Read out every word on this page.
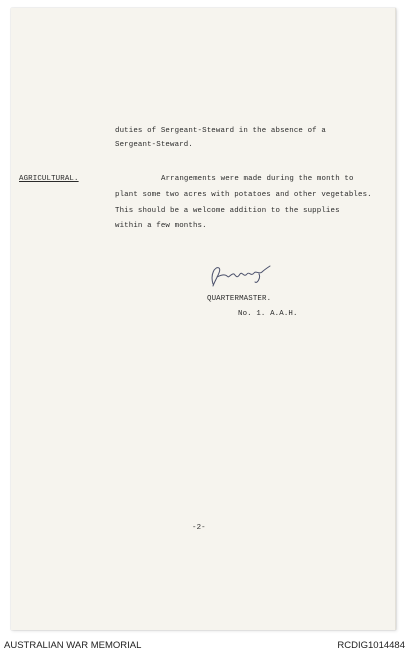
duties of Sergeant-Steward in the absence of a
Sergeant-Steward.
AGRICULTURAL.	Arrangements were made during the month to
plant some two acres with potatoes and other vegetables.
This should be a welcome addition to the supplies
within a few months.
QUARTERMASTER.
No. 1. A.A.H.
-2-
AUSTRALIAN WAR MEMORIAL	RCDIG1014484
